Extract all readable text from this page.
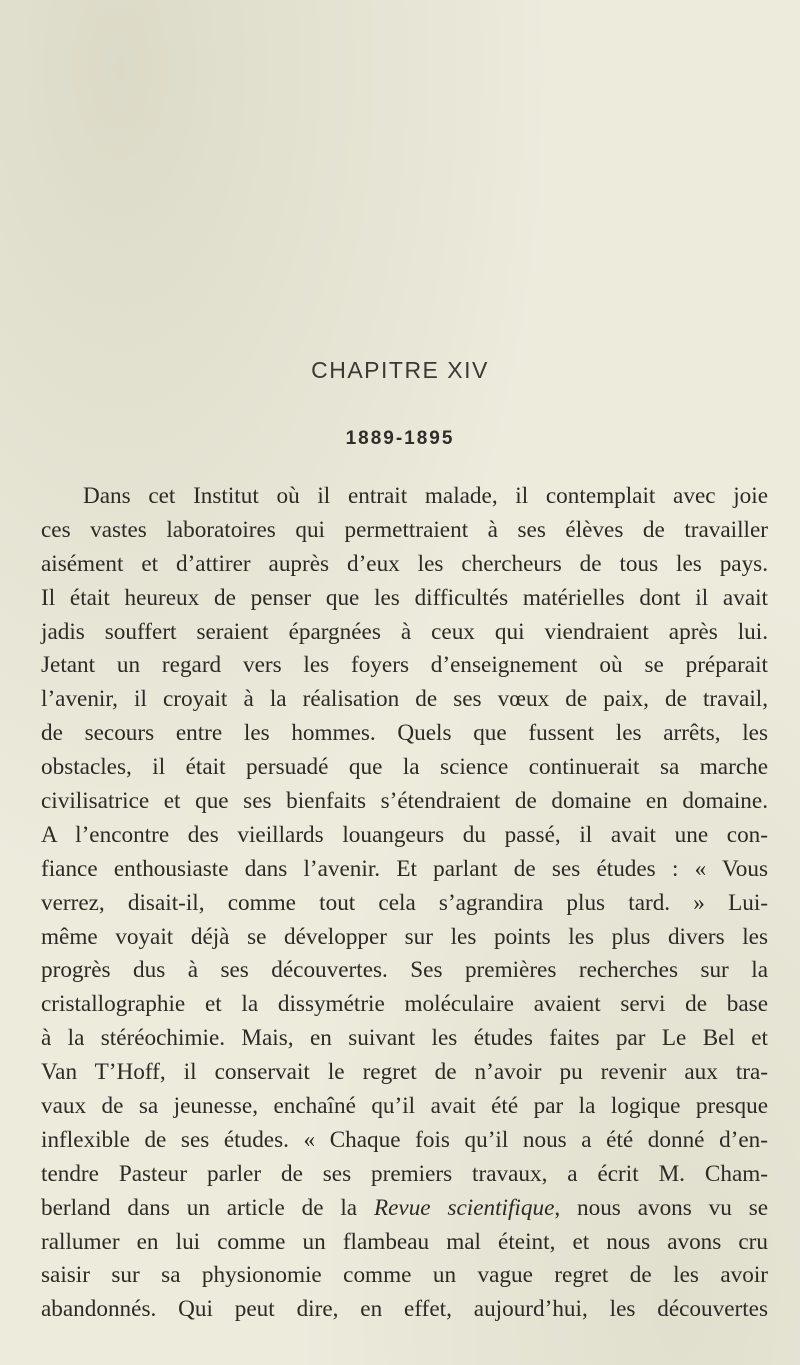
CHAPITRE XIV
1889-1895
Dans cet Institut où il entrait malade, il contemplait avec joie
ces vastes laboratoires qui permettraient à ses élèves de travailler
aisément et d’attirer auprès d’eux les chercheurs de tous les pays.
Il était heureux de penser que les difficultés matérielles dont il avait
jadis souffert seraient épargnées à ceux qui viendraient après lui.
Jetant un regard vers les foyers d’enseignement où se préparait
l’avenir, il croyait à la réalisation de ses vœux de paix, de travail,
de secours entre les hommes. Quels que fussent les arrêts, les
obstacles, il était persuadé que la science continuerait sa marche
civilisatrice et que ses bienfaits s’étendraient de domaine en domaine.
A l’encontre des vieillards louangeurs du passé, il avait une con-
fiance enthousiaste dans l’avenir. Et parlant de ses études : « Vous
verrez, disait-il, comme tout cela s’agrandira plus tard. » Lui-
même voyait déjà se développer sur les points les plus divers les
progrès dus à ses découvertes. Ses premières recherches sur la
cristallographie et la dissymétrie moléculaire avaient servi de base
à la stéréochimie. Mais, en suivant les études faites par Le Bel et
Van T’Hoff, il conservait le regret de n’avoir pu revenir aux tra-
vaux de sa jeunesse, enchaîné qu’il avait été par la logique presque
inflexible de ses études. « Chaque fois qu’il nous a été donné d’en-
tendre Pasteur parler de ses premiers travaux, a écrit M. Cham-
berland dans un article de la Revue scientifique, nous avons vu se
rallumer en lui comme un flambeau mal éteint, et nous avons cru
saisir sur sa physionomie comme un vague regret de les avoir
abandonnés. Qui peut dire, en effet, aujourd’hui, les découvertes
